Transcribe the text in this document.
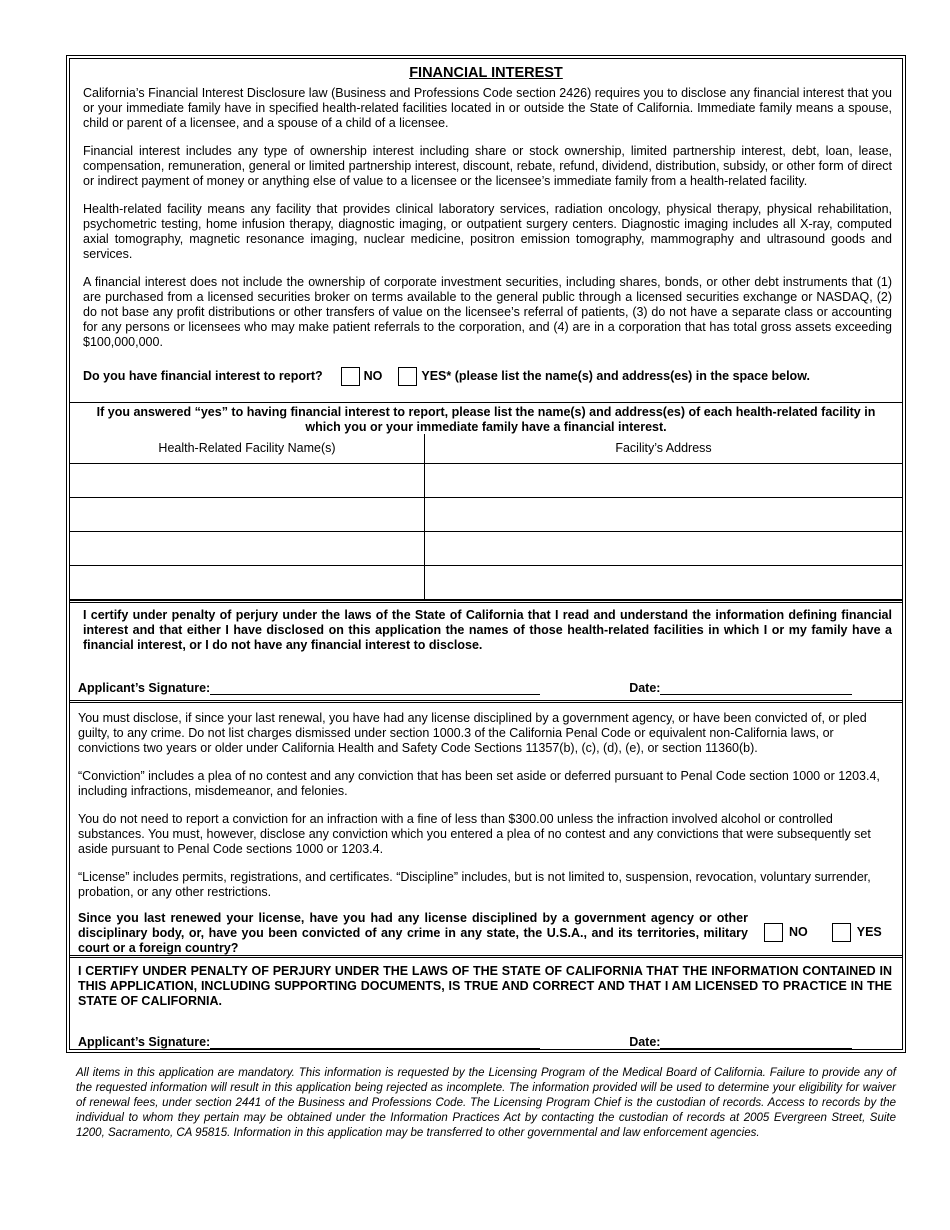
FINANCIAL INTEREST

California’s Financial Interest Disclosure law (Business and Professions Code section 2426) requires you to disclose any financial interest that you or your immediate family have in specified health-related facilities located in or outside the State of California. Immediate family means a spouse, child or parent of a licensee, and a spouse of a child of a licensee.

Financial interest includes any type of ownership interest including share or stock ownership, limited partnership interest, debt, loan, lease, compensation, remuneration, general or limited partnership interest, discount, rebate, refund, dividend, distribution, subsidy, or other form of direct or indirect payment of money or anything else of value to a licensee or the licensee’s immediate family from a health-related facility.

Health-related facility means any facility that provides clinical laboratory services, radiation oncology, physical therapy, physical rehabilitation, psychometric testing, home infusion therapy, diagnostic imaging, or outpatient surgery centers. Diagnostic imaging includes all X-ray, computed axial tomography, magnetic resonance imaging, nuclear medicine, positron emission tomography, mammography and ultrasound goods and services.

A financial interest does not include the ownership of corporate investment securities, including shares, bonds, or other debt instruments that (1) are purchased from a licensed securities broker on terms available to the general public through a licensed securities exchange or NASDAQ, (2) do not base any profit distributions or other transfers of value on the licensee’s referral of patients, (3) do not have a separate class or accounting for any persons or licensees who may make patient referrals to the corporation, and (4) are in a corporation that has total gross assets exceeding $100,000,000.

Do you have financial interest to report?	NO	YES* (please list the name(s) and address(es) in the space below.

If you answered “yes” to having financial interest to report, please list the name(s) and address(es) of each health-related facility in which you or your immediate family have a financial interest.

Health-Related Facility Name(s)	Facility’s Address

I certify under penalty of perjury under the laws of the State of California that I read and understand the information defining financial interest and that either I have disclosed on this application the names of those health-related facilities in which I or my family have a financial interest, or I do not have any financial interest to disclose.

Applicant’s Signature:	Date:

You must disclose, if since your last renewal, you have had any license disciplined by a government agency, or have been convicted of, or pled guilty, to any crime. Do not list charges dismissed under section 1000.3 of the California Penal Code or equivalent non-California laws, or convictions two years or older under California Health and Safety Code Sections 11357(b), (c), (d), (e), or section 11360(b).

“Conviction” includes a plea of no contest and any conviction that has been set aside or deferred pursuant to Penal Code section 1000 or 1203.4, including infractions, misdemeanor, and felonies.

You do not need to report a conviction for an infraction with a fine of less than $300.00 unless the infraction involved alcohol or controlled substances. You must, however, disclose any conviction which you entered a plea of no contest and any convictions that were subsequently set aside pursuant to Penal Code sections 1000 or 1203.4.

“License” includes permits, registrations, and certificates. “Discipline” includes, but is not limited to, suspension, revocation, voluntary surrender, probation, or any other restrictions.

Since you last renewed your license, have you had any license disciplined by a government agency or other disciplinary body, or, have you been convicted of any crime in any state, the U.S.A., and its territories, military court or a foreign country?

NO	YES

I CERTIFY UNDER PENALTY OF PERJURY UNDER THE LAWS OF THE STATE OF CALIFORNIA THAT THE INFORMATION CONTAINED IN THIS APPLICATION, INCLUDING SUPPORTING DOCUMENTS, IS TRUE AND CORRECT AND THAT I AM LICENSED TO PRACTICE IN THE STATE OF CALIFORNIA.

Applicant’s Signature:	Date:
All items in this application are mandatory. This information is requested by the Licensing Program of the Medical Board of California. Failure to provide any of the requested information will result in this application being rejected as incomplete. The information provided will be used to determine your eligibility for waiver of renewal fees, under section 2441 of the Business and Professions Code. The Licensing Program Chief is the custodian of records. Access to records by the individual to whom they pertain may be obtained under the Information Practices Act by contacting the custodian of records at 2005 Evergreen Street, Suite 1200, Sacramento, CA 95815. Information in this application may be transferred to other governmental and law enforcement agencies.
